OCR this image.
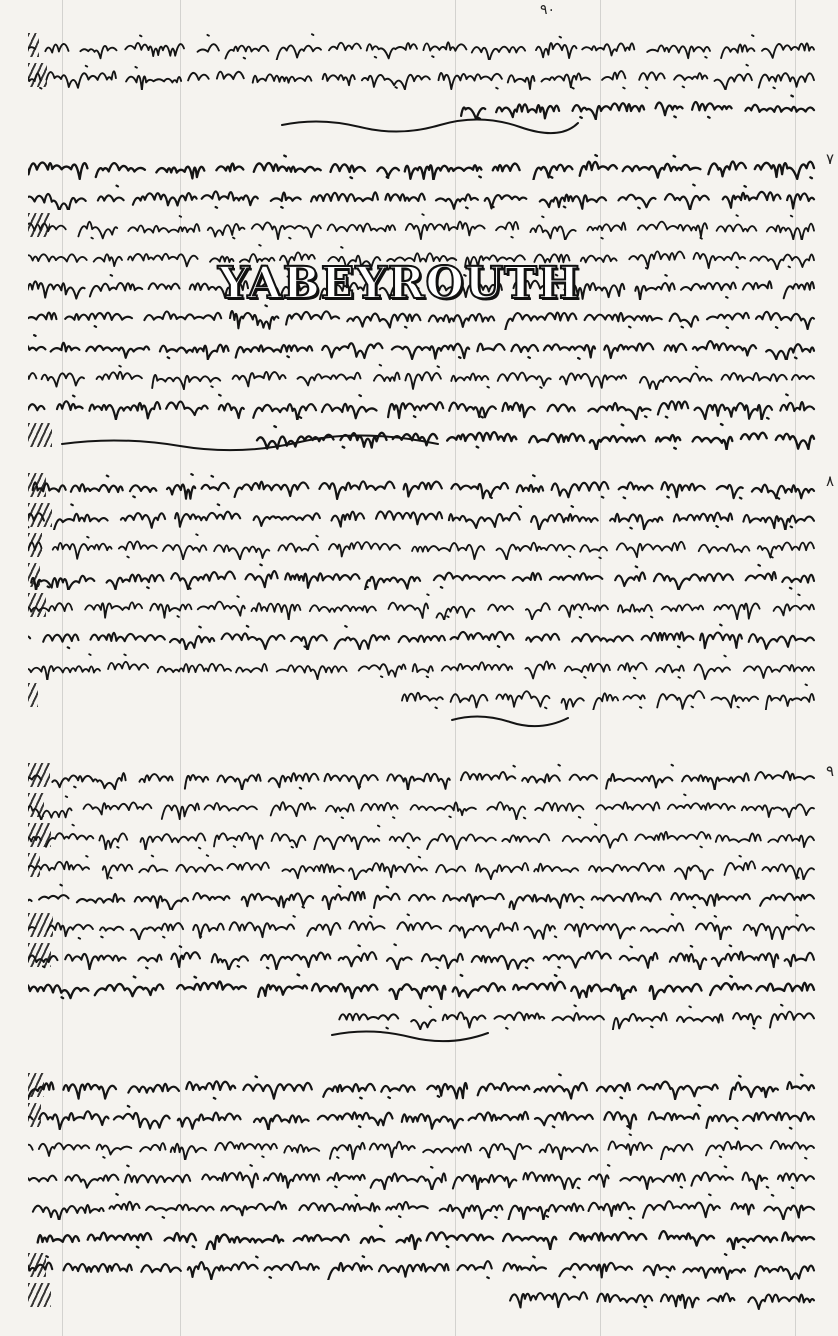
٩٠
٧
٨
٩
YABEYROUTH
